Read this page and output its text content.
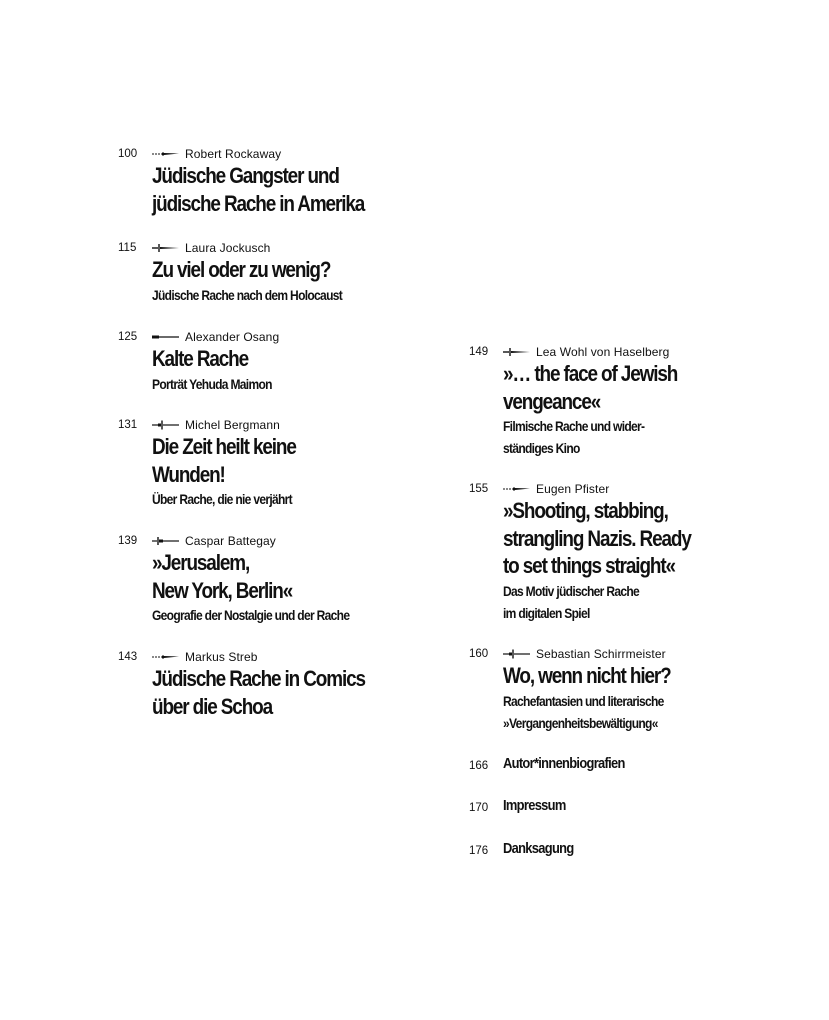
100	Robert Rockaway
Jüdische Gangster und
jüdische Rache in Amerika
115	Laura Jockusch
Zu viel oder zu wenig?
Jüdische Rache nach dem Holocaust
125	Alexander Osang
Kalte Rache
Porträt Yehuda Maimon
131	Michel Bergmann
Die Zeit heilt keine
Wunden!
Über Rache, die nie verjährt
139	Caspar Battegay
»Jerusalem,
New York, Berlin«
Geografie der Nostalgie und der Rache
143	Markus Streb
Jüdische Rache in Comics
über die Schoa
149	Lea Wohl von Haselberg
»… the face of Jewish
vengeance«
Filmische Rache und wider-
ständiges Kino
155	Eugen Pfister
»Shooting, stabbing,
strangling Nazis. Ready
to set things straight«
Das Motiv jüdischer Rache
im digitalen Spiel
160	Sebastian Schirrmeister
Wo, wenn nicht hier?
Rachefantasien und literarische
»Vergangenheitsbewältigung«
166 Autor*innenbiografien
170 Impressum
176 Danksagung
